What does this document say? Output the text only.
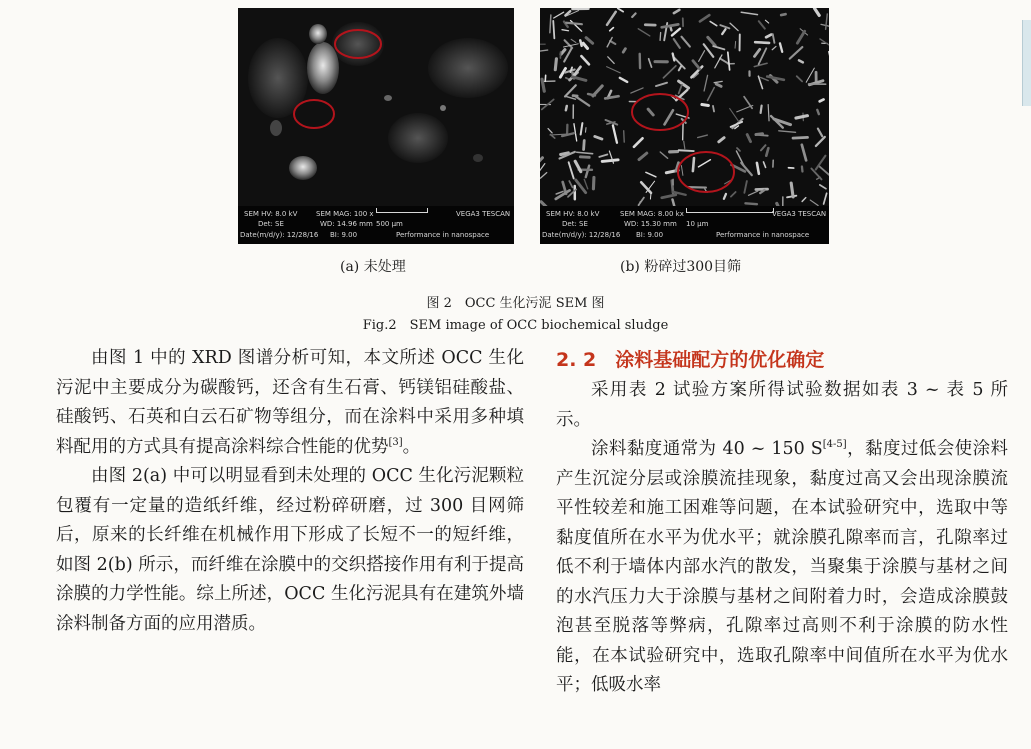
SEM HV: 8.0 kV	SEM MAG: 100 x	VEGA3 TESCAN
Det: SE	WD: 14.96 mm 500 μm
Date(m/d/y): 12/28/16 BI: 9.00	Performance in nanospace
SEM HV: 8.0 kV	SEM MAG: 8.00 kx	VEGA3 TESCAN
Det: SE	WD: 15.30 mm 10 μm
Date(m/d/y): 12/28/16 BI: 9.00	Performance in nanospace
(a) 未处理	(b) 粉碎过300目筛
图 2　OCC 生化污泥 SEM 图
Fig.2　SEM image of OCC biochemical sludge

由图 1 中的 XRD 图谱分析可知，本文所述 OCC 生化污泥中主要成分为碳酸钙，还含有生石膏、钙镁铝硅酸盐、硅酸钙、石英和白云石矿物等组分，而在涂料中采用多种填料配用的方式具有提高涂料综合性能的优势[3]。

由图 2(a) 中可以明显看到未处理的 OCC 生化污泥颗粒包覆有一定量的造纸纤维，经过粉碎研磨，过 300 目网筛后，原来的长纤维在机械作用下形成了长短不一的短纤维，如图 2(b) 所示，而纤维在涂膜中的交织搭接作用有利于提高涂膜的力学性能。综上所述，OCC 生化污泥具有在建筑外墙涂料制备方面的应用潜质。

2. 2　 涂料基础配方的优化确定

采用表 2 试验方案所得试验数据如表 3 ~ 表 5 所示。

涂料黏度通常为 40 ~ 150 S[4-5]，黏度过低会使涂料产生沉淀分层或涂膜流挂现象，黏度过高又会出现涂膜流平性较差和施工困难等问题，在本试验研究中，选取中等黏度值所在水平为优水平；就涂膜孔隙率而言，孔隙率过低不利于墙体内部水汽的散发，当聚集于涂膜与基材之间的水汽压力大于涂膜与基材之间附着力时，会造成涂膜鼓泡甚至脱落等弊病，孔隙率过高则不利于涂膜的防水性能，在本试验研究中，选取孔隙率中间值所在水平为优水平；低吸水率
